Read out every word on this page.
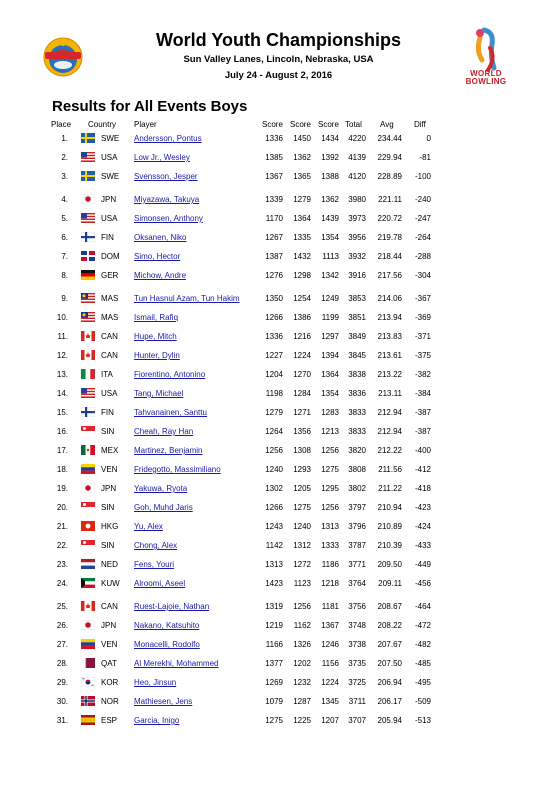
WORLD BOWLING
World Youth Championships
Sun Valley Lanes, Lincoln, Nebraska, USA
July 24 - August 2, 2016
Results for All Events Boys
Place Country Player	Score Score Score Total Avg	Diff
1.	SWE Andersson, Pontus	1336	1450	1434	4220	234.44	0
2.	USA Low Jr., Wesley	1385	1362	1392	4139	229.94	-81
3.	SWE Svensson, Jesper	1367	1365	1388	4120	228.89	-100
4.	JPN Miyazawa, Takuya	1339	1279	1362	3980	221.11	-240
5.	USA Simonsen, Anthony	1170	1364	1439	3973	220.72	-247
6.	FIN	Oksanen, Niko	1267	1335	1354	3956	219.78	-264
7.	DOM Simo, Hector	1387	1432	1113	3932	218.44	-288
8.	GER Michow, Andre	1276	1298	1342	3916	217.56	-304
9.	MAS Tun Hasnul Azam, Tun Hakim	1350	1254	1249	3853	214.06	-367
10.	MAS Ismail, Rafiq	1266	1386	1199	3851	213.94	-369
11.	CAN Hupe, Mitch	1336	1216	1297	3849	213.83	-371
12.	CAN Hunter, Dylin	1227	1224	1394	3845	213.61	-375
13.	ITA	Fiorentino, Antonino	1204	1270	1364	3838	213.22	-382
14.	USA Tang, Michael	1198	1284	1354	3836	213.11	-384
15.	FIN	Tahvanainen, Santtu	1279	1271	1283	3833	212.94	-387
16.	SIN Cheah, Ray Han	1264	1356	1213	3833	212.94	-387
17.	MEX Martinez, Benjamin	1256	1308	1256	3820	212.22	-400
18.	VEN Fridegotto, Massimiliano	1240	1293	1275	3808	211.56	-412
19.	JPN Yakuwa, Ryota	1302	1205	1295	3802	211.22	-418
20.	SIN Goh, Muhd Jaris	1266	1275	1256	3797	210.94	-423
21.	HKG Yu, Alex	1243	1240	1313	3796	210.89	-424
22.	SIN Chong, Alex	1142	1312	1333	3787	210.39	-433
23.	NED Fens, Youri	1313	1272	1186	3771	209.50	-449
24.	KUW Alroomi, Aseel	1423	1123	1218	3764	209.11	-456
25.	CAN Ruest-Lajoie, Nathan	1319	1256	1181	3756	208.67	-464
26.	JPN Nakano, Katsuhito	1219	1162	1367	3748	208.22	-472
27.	VEN Monacelli, Rodolfo	1166	1326	1246	3738	207.67	-482
28.	QAT Al Merekhi, Mohammed	1377	1202	1156	3735	207.50	-485
29.	KOR Heo, Jinsun	1269	1232	1224	3725	206.94	-495
30.	NOR Mathiesen, Jens	1079	1287	1345	3711	206.17	-509
31.	ESP Garcia, Inigo	1275	1225	1207	3707	205.94	-513
